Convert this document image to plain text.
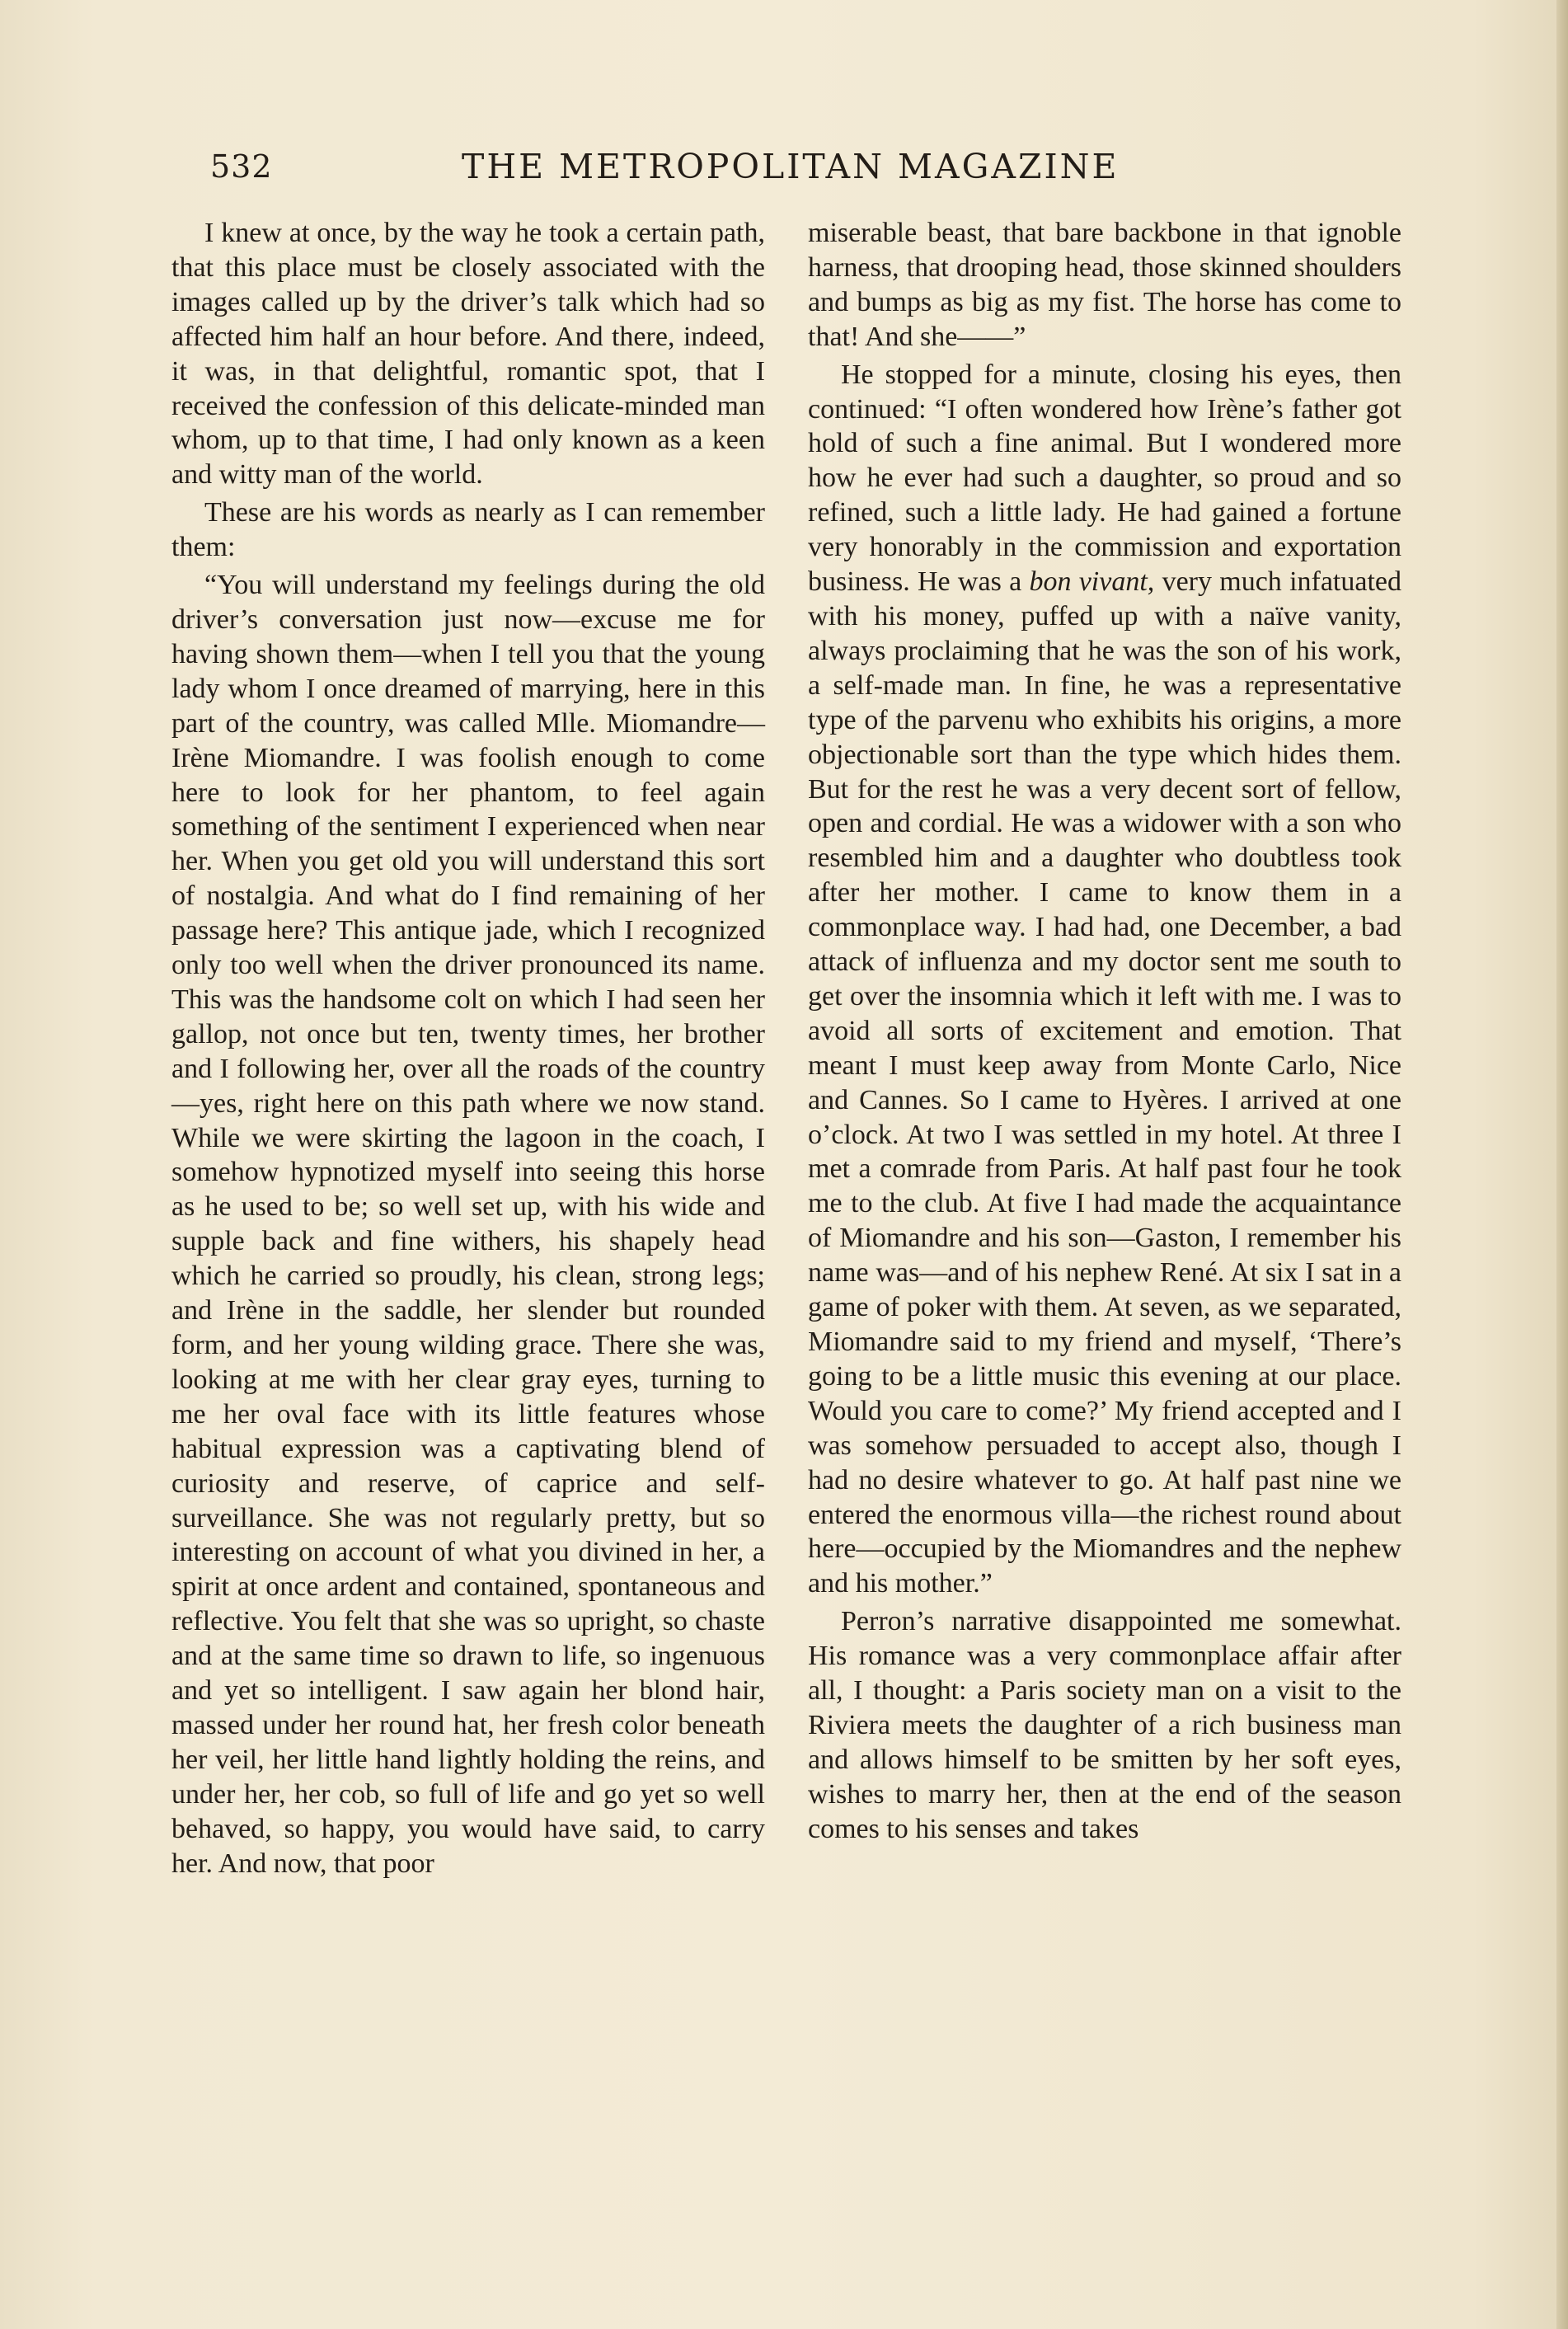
532	THE METROPOLITAN MAGAZINE

I knew at once, by the way he took a certain path, that this place must be closely associated with the images called up by the driver’s talk which had so affected him half an hour before. And there, indeed, it was, in that delightful, romantic spot, that I received the confession of this delicate-minded man whom, up to that time, I had only known as a keen and witty man of the world.

These are his words as nearly as I can remember them:

“You will understand my feelings during the old driver’s conversation just now—excuse me for having shown them—when I tell you that the young lady whom I once dreamed of marrying, here in this part of the country, was called Mlle. Miomandre—Irène Miomandre. I was foolish enough to come here to look for her phantom, to feel again something of the sentiment I experienced when near her. When you get old you will understand this sort of nostalgia. And what do I find remaining of her passage here? This antique jade, which I recognized only too well when the driver pronounced its name. This was the handsome colt on which I had seen her gallop, not once but ten, twenty times, her brother and I following her, over all the roads of the country—yes, right here on this path where we now stand. While we were skirting the lagoon in the coach, I somehow hypnotized myself into seeing this horse as he used to be; so well set up, with his wide and supple back and fine withers, his shapely head which he carried so proudly, his clean, strong legs; and Irène in the saddle, her slender but rounded form, and her young wilding grace. There she was, looking at me with her clear gray eyes, turning to me her oval face with its little features whose habitual expression was a captivating blend of curiosity and reserve, of caprice and self-surveillance. She was not regularly pretty, but so interesting on account of what you divined in her, a spirit at once ardent and contained, spontaneous and reflective. You felt that she was so upright, so chaste and at the same time so drawn to life, so ingenuous and yet so intelligent. I saw again her blond hair, massed under her round hat, her fresh color beneath her veil, her little hand lightly holding the reins, and under her, her cob, so full of life and go yet so well behaved, so happy, you would have said, to carry her. And now, that poor

miserable beast, that bare backbone in that ignoble harness, that drooping head, those skinned shoulders and bumps as big as my fist. The horse has come to that! And she——”

He stopped for a minute, closing his eyes, then continued: “I often wondered how Irène’s father got hold of such a fine animal. But I wondered more how he ever had such a daughter, so proud and so refined, such a little lady. He had gained a fortune very honorably in the commission and exportation business. He was a bon vivant, very much infatuated with his money, puffed up with a naïve vanity, always proclaiming that he was the son of his work, a self-made man. In fine, he was a representative type of the parvenu who exhibits his origins, a more objectionable sort than the type which hides them. But for the rest he was a very decent sort of fellow, open and cordial. He was a widower with a son who resembled him and a daughter who doubtless took after her mother. I came to know them in a commonplace way. I had had, one December, a bad attack of influenza and my doctor sent me south to get over the insomnia which it left with me. I was to avoid all sorts of excitement and emotion. That meant I must keep away from Monte Carlo, Nice and Cannes. So I came to Hyères. I arrived at one o’clock. At two I was settled in my hotel. At three I met a comrade from Paris. At half past four he took me to the club. At five I had made the acquaintance of Miomandre and his son—Gaston, I remember his name was—and of his nephew René. At six I sat in a game of poker with them. At seven, as we separated, Miomandre said to my friend and myself, ‘There’s going to be a little music this evening at our place. Would you care to come?’ My friend accepted and I was somehow persuaded to accept also, though I had no desire whatever to go. At half past nine we entered the enormous villa—the richest round about here—occupied by the Miomandres and the nephew and his mother.”

Perron’s narrative disappointed me somewhat. His romance was a very commonplace affair after all, I thought: a Paris society man on a visit to the Riviera meets the daughter of a rich business man and allows himself to be smitten by her soft eyes, wishes to marry her, then at the end of the season comes to his senses and takes
